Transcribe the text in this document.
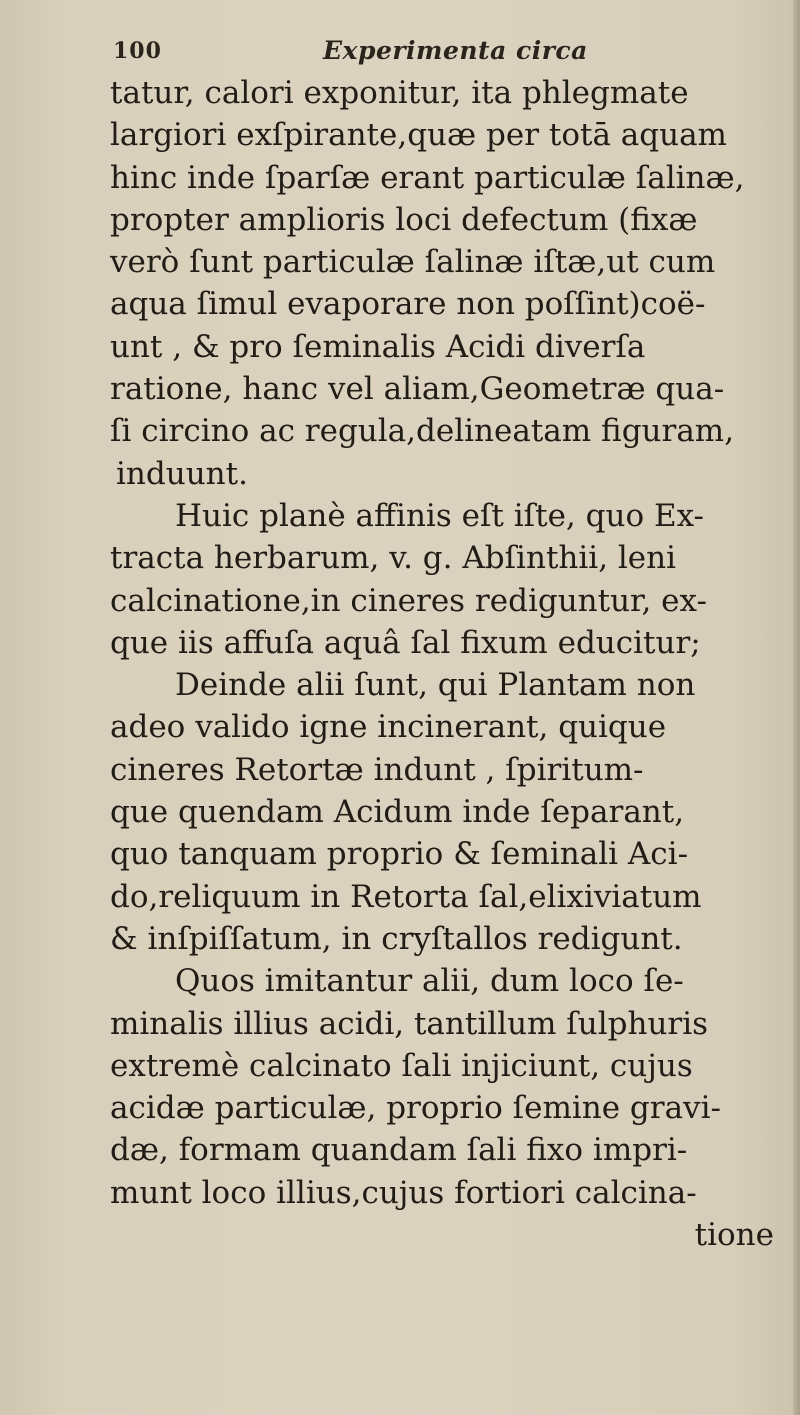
100	Experimenta circa
tatur, calori exponitur, ita phlegmate
largiori exſpirante,quæ per totā aquam
hinc inde ſparſæ erant particulæ ſalinæ,
propter amplioris loci defectum (fixæ
verò ſunt particulæ ſalinæ iſtæ,ut cum
aqua ſimul evaporare non poſſint)coë-
unt , & pro ſeminalis Acidi diverſa
ratione, hanc vel aliam,Geometræ qua-
ſi circino ac regula,delineatam figuram,
induunt.
Huic planè affinis eſt iſte, quo Ex-
tracta herbarum, v. g. Abſinthii, leni
calcinatione,in cineres rediguntur, ex-
que iis affuſa aquâ ſal fixum educitur;
Deinde alii ſunt, qui Plantam non
adeo valido igne incinerant, quique
cineres Retortæ indunt , ſpiritum-
que quendam Acidum inde ſeparant,
quo tanquam proprio & ſeminali Aci-
do,reliquum in Retorta ſal,elixiviatum
& inſpiſſatum, in cryſtallos redigunt.
Quos imitantur alii, dum loco ſe-
minalis illius acidi, tantillum ſulphuris
extremè calcinato ſali injiciunt, cujus
acidæ particulæ, proprio ſemine gravi-
dæ, formam quandam ſali fixo impri-
munt loco illius,cujus fortiori calcina-
tione
